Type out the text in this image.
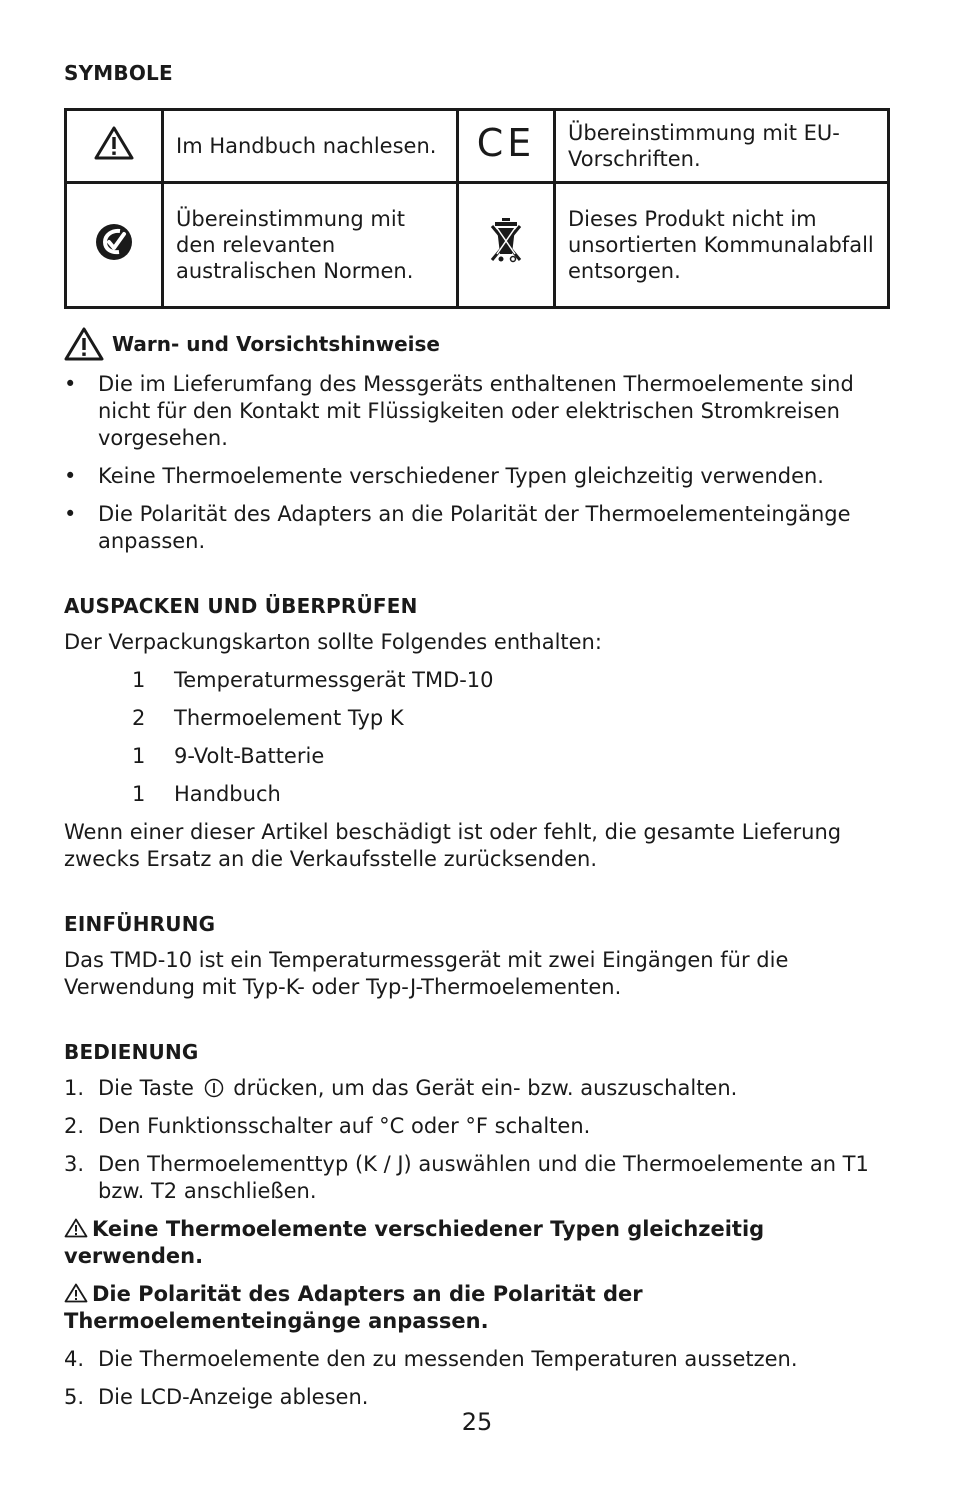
SYMBOLE
	Im Handbuch nachlesen.	CE	Übereinstimmung mit EU-Vorschriften.
	Übereinstimmung mit den relevanten australischen Normen.		Dieses Produkt nicht im unsortierten Kommunalabfall entsorgen.
Warn- und Vorsichtshinweise
• Die im Lieferumfang des Messgeräts enthaltenen Thermoelemente sind nicht für den Kontakt mit Flüssigkeiten oder elektrischen Stromkreisen vorgesehen.
• Keine Thermoelemente verschiedener Typen gleichzeitig verwenden.
• Die Polarität des Adapters an die Polarität der Thermoelementeingänge anpassen.
AUSPACKEN UND ÜBERPRÜFEN
Der Verpackungskarton sollte Folgendes enthalten:
1	Temperaturmessgerät TMD-10
2	Thermoelement Typ K
1	9-Volt-Batterie
1	Handbuch
Wenn einer dieser Artikel beschädigt ist oder fehlt, die gesamte Lieferung zwecks Ersatz an die Verkaufsstelle zurücksenden.
EINFÜHRUNG
Das TMD-10 ist ein Temperaturmessgerät mit zwei Eingängen für die Verwendung mit Typ-K- oder Typ-J-Thermoelementen.
BEDIENUNG
1. Die Taste drücken, um das Gerät ein- bzw. auszuschalten.
2. Den Funktionsschalter auf °C oder °F schalten.
3. Den Thermoelementtyp (K / J) auswählen und die Thermoelemente an T1 bzw. T2 anschließen.
Keine Thermoelemente verschiedener Typen gleichzeitig verwenden.
Die Polarität des Adapters an die Polarität der Thermoelementeingänge anpassen.
4. Die Thermoelemente den zu messenden Temperaturen aussetzen.
5. Die LCD-Anzeige ablesen.
25
